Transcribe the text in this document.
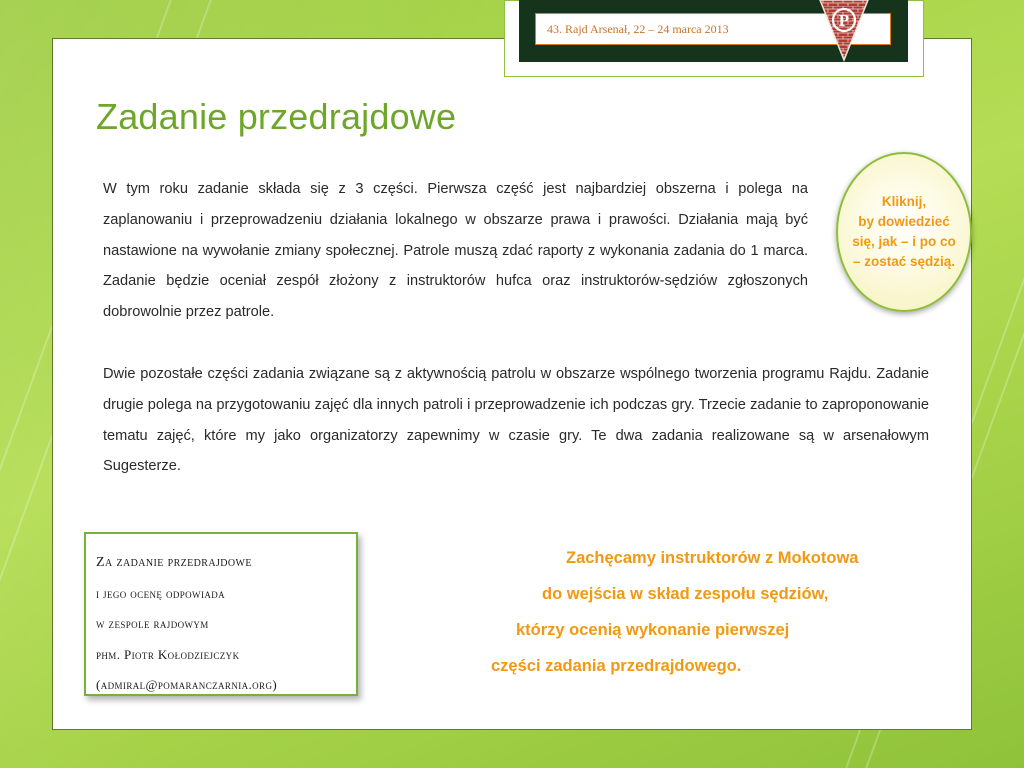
43. Rajd Arsenał, 22 – 24 marca 2013	P
Zadanie przedrajdowe

W tym roku zadanie składa się z 3 części. Pierwsza część jest najbardziej obszerna i polega na zaplanowaniu i przeprowadzeniu działania lokalnego w obszarze prawa i prawości. Działania mają być nastawione na wywołanie zmiany społecznej. Patrole muszą zdać raporty z wykonania zadania do 1 marca. Zadanie będzie oceniał zespół złożony z instruktorów hufca oraz instruktorów-sędziów zgłoszonych dobrowolnie przez patrole.

Dwie pozostałe części zadania związane są z aktywnością patrolu w obszarze wspólnego tworzenia programu Rajdu. Zadanie drugie polega na przygotowaniu zajęć dla innych patroli i przeprowadzenie ich podczas gry. Trzecie zadanie to zaproponowanie tematu zajęć, które my jako organizatorzy zapewnimy w czasie gry. Te dwa zadania realizowane są w arsenałowym Sugesterze.

Kliknij,
by dowiedzieć
się, jak – i po co
– zostać sędzią.
Za zadanie przedrajdowe
i jego ocenę odpowiada
w zespole rajdowym
phm. Piotr Kołodziejczyk
(admiral@pomaranczarnia.org)
Zachęcamy instruktorów z Mokotowa
do wejścia w skład zespołu sędziów,
którzy ocenią wykonanie pierwszej
części zadania przedrajdowego.
